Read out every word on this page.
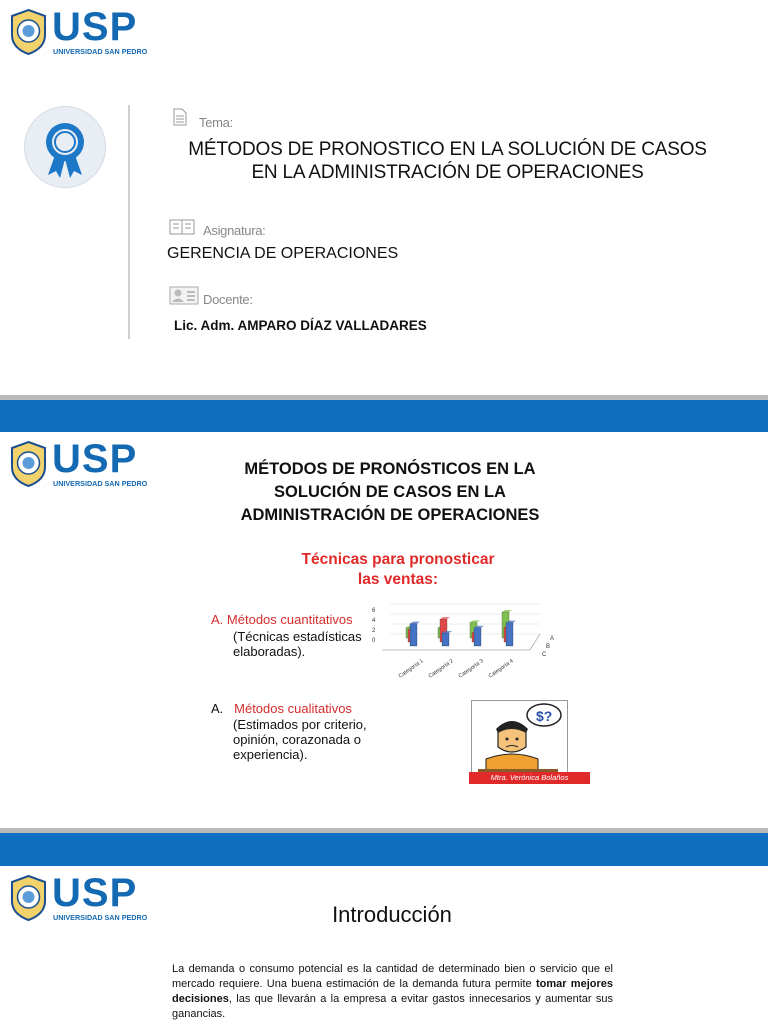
USP
UNIVERSIDAD SAN PEDRO
Tema:
MÉTODOS DE PRONOSTICO EN LA SOLUCIÓN DE CASOS
EN LA ADMINISTRACIÓN DE OPERACIONES
Asignatura:
GERENCIA DE OPERACIONES
Docente:
Lic. Adm. AMPARO DÍAZ VALLADARES
USP
UNIVERSIDAD SAN PEDRO
MÉTODOS DE PRONÓSTICOS EN LA
SOLUCIÓN DE CASOS EN LA
ADMINISTRACIÓN DE OPERACIONES
Técnicas para pronosticar
las ventas:
A. Métodos cuantitativos
(Técnicas estadísticas
elaboradas).
0
2
4
6
Categoría 1 Categoría 2 Categoría 3 Categoría 4
A
B
C
A. Métodos cualitativos
(Estimados por criterio,
opinión, corazonada o
experiencia).
$?
Mtra. Verónica Bolaños
USP
UNIVERSIDAD SAN PEDRO	Introducción
La demanda o consumo potencial es la cantidad de determinado bien o servicio que el mercado requiere. Una buena estimación de la demanda futura permite tomar mejores decisiones, las que llevarán a la empresa a evitar gastos innecesarios y aumentar sus ganancias.
